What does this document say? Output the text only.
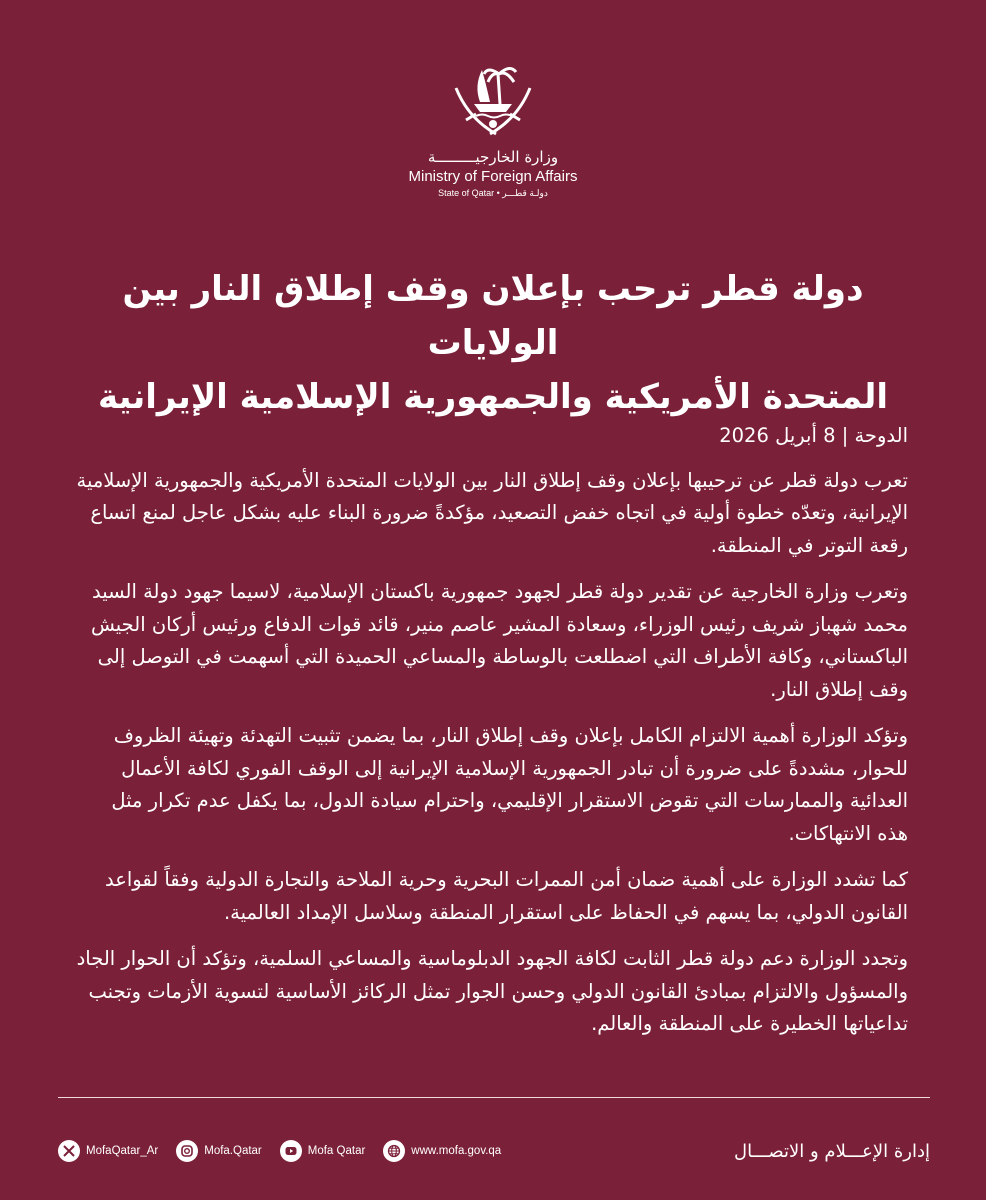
وزارة الخارجيـــــــــة
Ministry of Foreign Affairs
State of Qatar • دولـة قطـــر
دولة قطر ترحب بإعلان وقف إطلاق النار بين الولايات
المتحدة الأمريكية والجمهورية الإسلامية الإيرانية
الدوحة | 8 أبريل 2026

تعرب دولة قطر عن ترحيبها بإعلان وقف إطلاق النار بين الولايات المتحدة الأمريكية والجمهورية الإسلامية الإيرانية، وتعدّه خطوة أولية في اتجاه خفض التصعيد، مؤكدةً ضرورة البناء عليه بشكل عاجل لمنع اتساع رقعة التوتر في المنطقة.

وتعرب وزارة الخارجية عن تقدير دولة قطر لجهود جمهورية باكستان الإسلامية، لاسيما جهود دولة السيد محمد شهباز شريف رئيس الوزراء، وسعادة المشير عاصم منير، قائد قوات الدفاع ورئيس أركان الجيش الباكستاني، وكافة الأطراف التي اضطلعت بالوساطة والمساعي الحميدة التي أسهمت في التوصل إلى وقف إطلاق النار.

وتؤكد الوزارة أهمية الالتزام الكامل بإعلان وقف إطلاق النار، بما يضمن تثبيت التهدئة وتهيئة الظروف للحوار، مشددةً على ضرورة أن تبادر الجمهورية الإسلامية الإيرانية إلى الوقف الفوري لكافة الأعمال العدائية والممارسات التي تقوض الاستقرار الإقليمي، واحترام سيادة الدول، بما يكفل عدم تكرار مثل هذه الانتهاكات.

كما تشدد الوزارة على أهمية ضمان أمن الممرات البحرية وحرية الملاحة والتجارة الدولية وفقاً لقواعد القانون الدولي، بما يسهم في الحفاظ على استقرار المنطقة وسلاسل الإمداد العالمية.

وتجدد الوزارة دعم دولة قطر الثابت لكافة الجهود الدبلوماسية والمساعي السلمية، وتؤكد أن الحوار الجاد والمسؤول والالتزام بمبادئ القانون الدولي وحسن الجوار تمثل الركائز الأساسية لتسوية الأزمات وتجنب تداعياتها الخطيرة على المنطقة والعالم.

MofaQatar_Ar	Mofa.Qatar	Mofa Qatar	www.mofa.gov.qa	إدارة الإعـــلام و الاتصـــال
